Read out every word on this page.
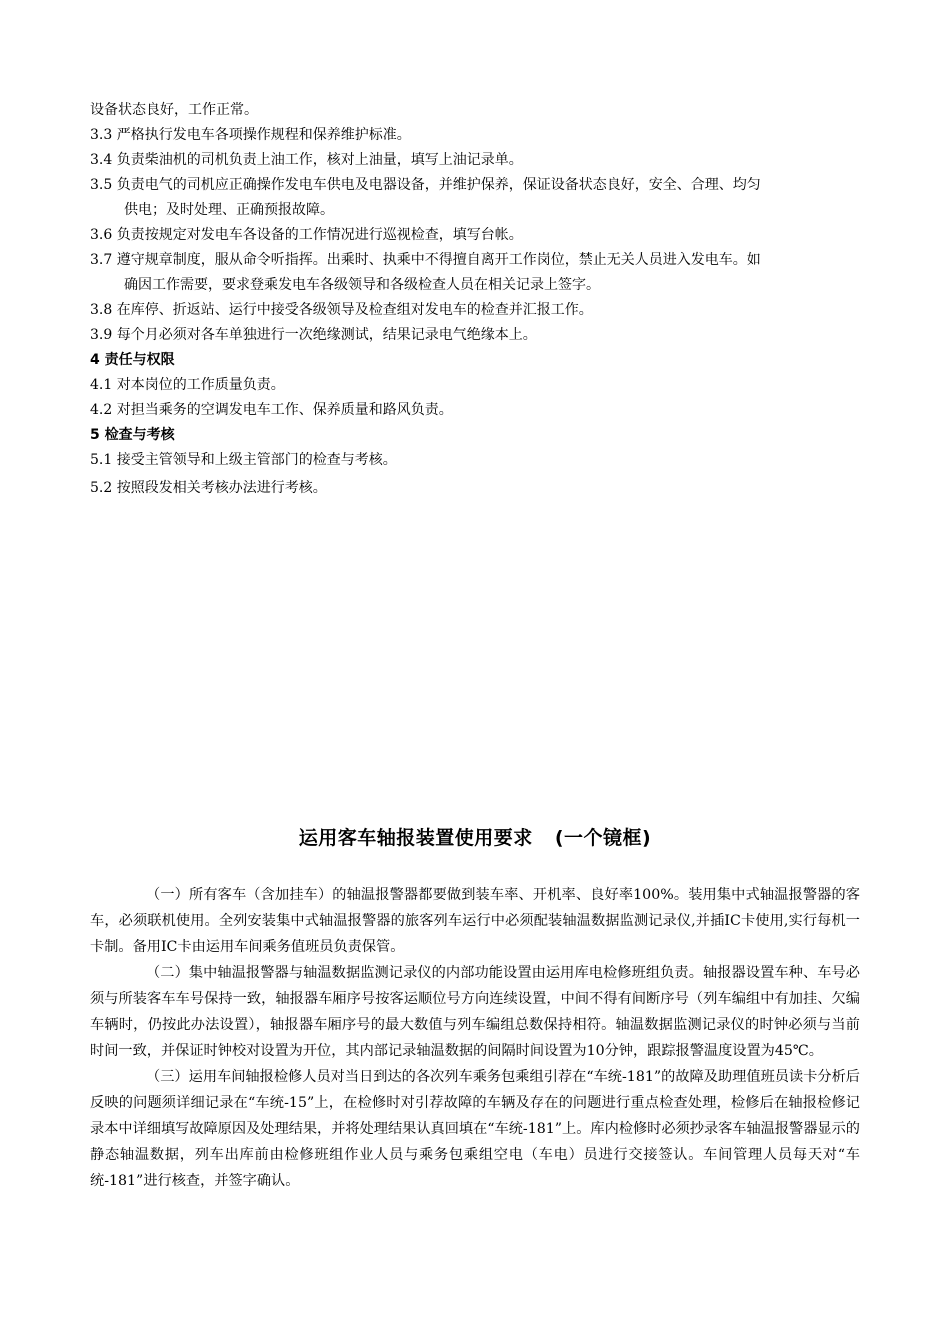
设备状态良好，工作正常。
3.3 严格执行发电车各项操作规程和保养维护标准。
3.4 负责柴油机的司机负责上油工作，核对上油量，填写上油记录单。
3.5 负责电气的司机应正确操作发电车供电及电器设备，并维护保养，保证设备状态良好，安全、合理、均匀
供电；及时处理、正确预报故障。
3.6 负责按规定对发电车各设备的工作情况进行巡视检查，填写台帐。
3.7 遵守规章制度，服从命令听指挥。出乘时、执乘中不得擅自离开工作岗位，禁止无关人员进入发电车。如
确因工作需要，要求登乘发电车各级领导和各级检查人员在相关记录上签字。
3.8 在库停、折返站、运行中接受各级领导及检查组对发电车的检查并汇报工作。
3.9 每个月必须对各车单独进行一次绝缘测试，结果记录电气绝缘本上。
4 责任与权限
4.1 对本岗位的工作质量负责。
4.2 对担当乘务的空调发电车工作、保养质量和路风负责。
5 检查与考核
5.1 接受主管领导和上级主管部门的检查与考核。
5.2 按照段发相关考核办法进行考核。
运用客车轴报装置使用要求 (一个镜框)

（一）所有客车（含加挂车）的轴温报警器都要做到装车率、开机率、良好率100%。装用集中式轴温报警器的客车，必须联机使用。全列安装集中式轴温报警器的旅客列车运行中必须配装轴温数据监测记录仪,并插IC卡使用,实行每机一卡制。备用IC卡由运用车间乘务值班员负责保管。

（二）集中轴温报警器与轴温数据监测记录仪的内部功能设置由运用库电检修班组负责。轴报器设置车种、车号必须与所装客车车号保持一致，轴报器车厢序号按客运顺位号方向连续设置，中间不得有间断序号（列车编组中有加挂、欠编车辆时，仍按此办法设置），轴报器车厢序号的最大数值与列车编组总数保持相符。轴温数据监测记录仪的时钟必须与当前时间一致，并保证时钟校对设置为开位，其内部记录轴温数据的间隔时间设置为10分钟，跟踪报警温度设置为45℃。

（三）运用车间轴报检修人员对当日到达的各次列车乘务包乘组引荐在“车统-181”的故障及助理值班员读卡分析后反映的问题须详细记录在“车统-15”上，在检修时对引荐故障的车辆及存在的问题进行重点检查处理，检修后在轴报检修记录本中详细填写故障原因及处理结果，并将处理结果认真回填在“车统-181”上。库内检修时必须抄录客车轴温报警器显示的静态轴温数据，列车出库前由检修班组作业人员与乘务包乘组空电（车电）员进行交接签认。车间管理人员每天对“车统-181”进行核查，并签字确认。
